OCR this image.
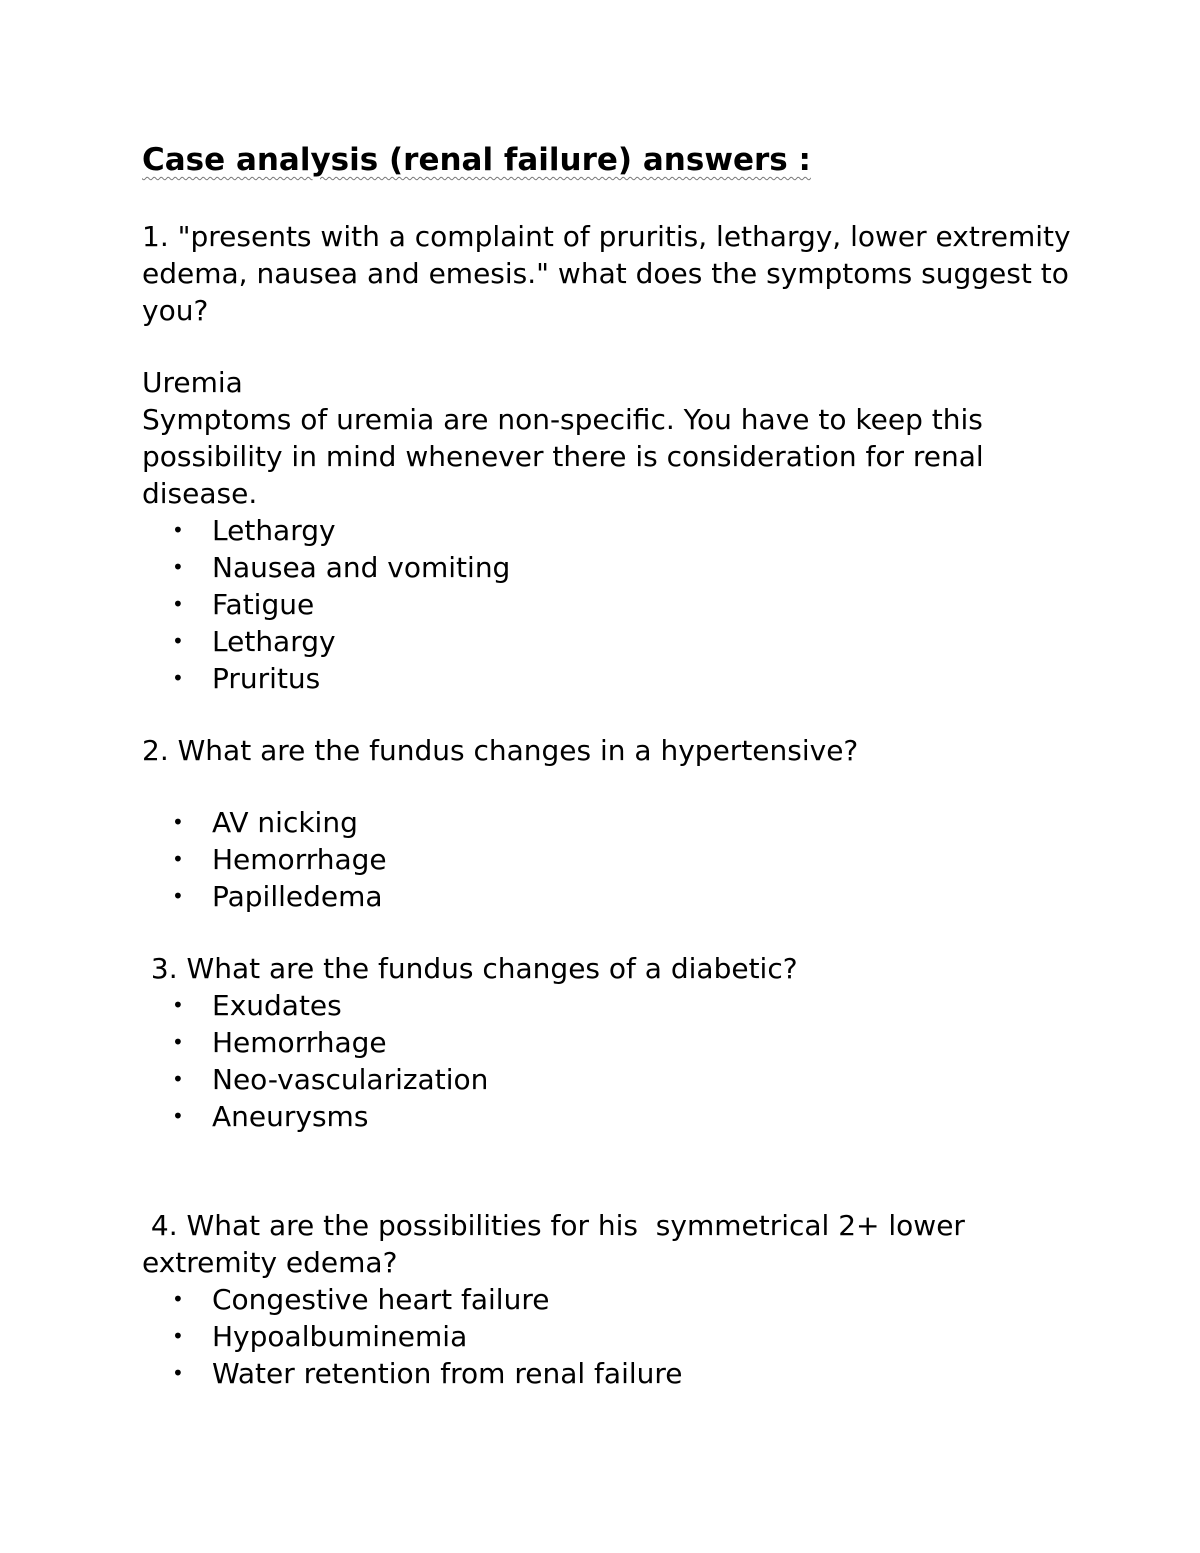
Case analysis (renal failure) answers :

1. "presents with a complaint of pruritis, lethargy, lower extremity edema, nausea and emesis." what does the symptoms suggest to you?

Uremia

Symptoms of uremia are non-specific. You have to keep this possibility in mind whenever there is consideration for renal disease.

• Lethargy
• Nausea and vomiting
• Fatigue
• Lethargy
• Pruritus

2. What are the fundus changes in a hypertensive?

• AV nicking
• Hemorrhage
• Papilledema

3. What are the fundus changes of a diabetic?

• Exudates
• Hemorrhage
• Neo-vascularization
• Aneurysms

4. What are the possibilities for his  symmetrical 2+ lower extremity edema?

• Congestive heart failure
• Hypoalbuminemia
• Water retention from renal failure
